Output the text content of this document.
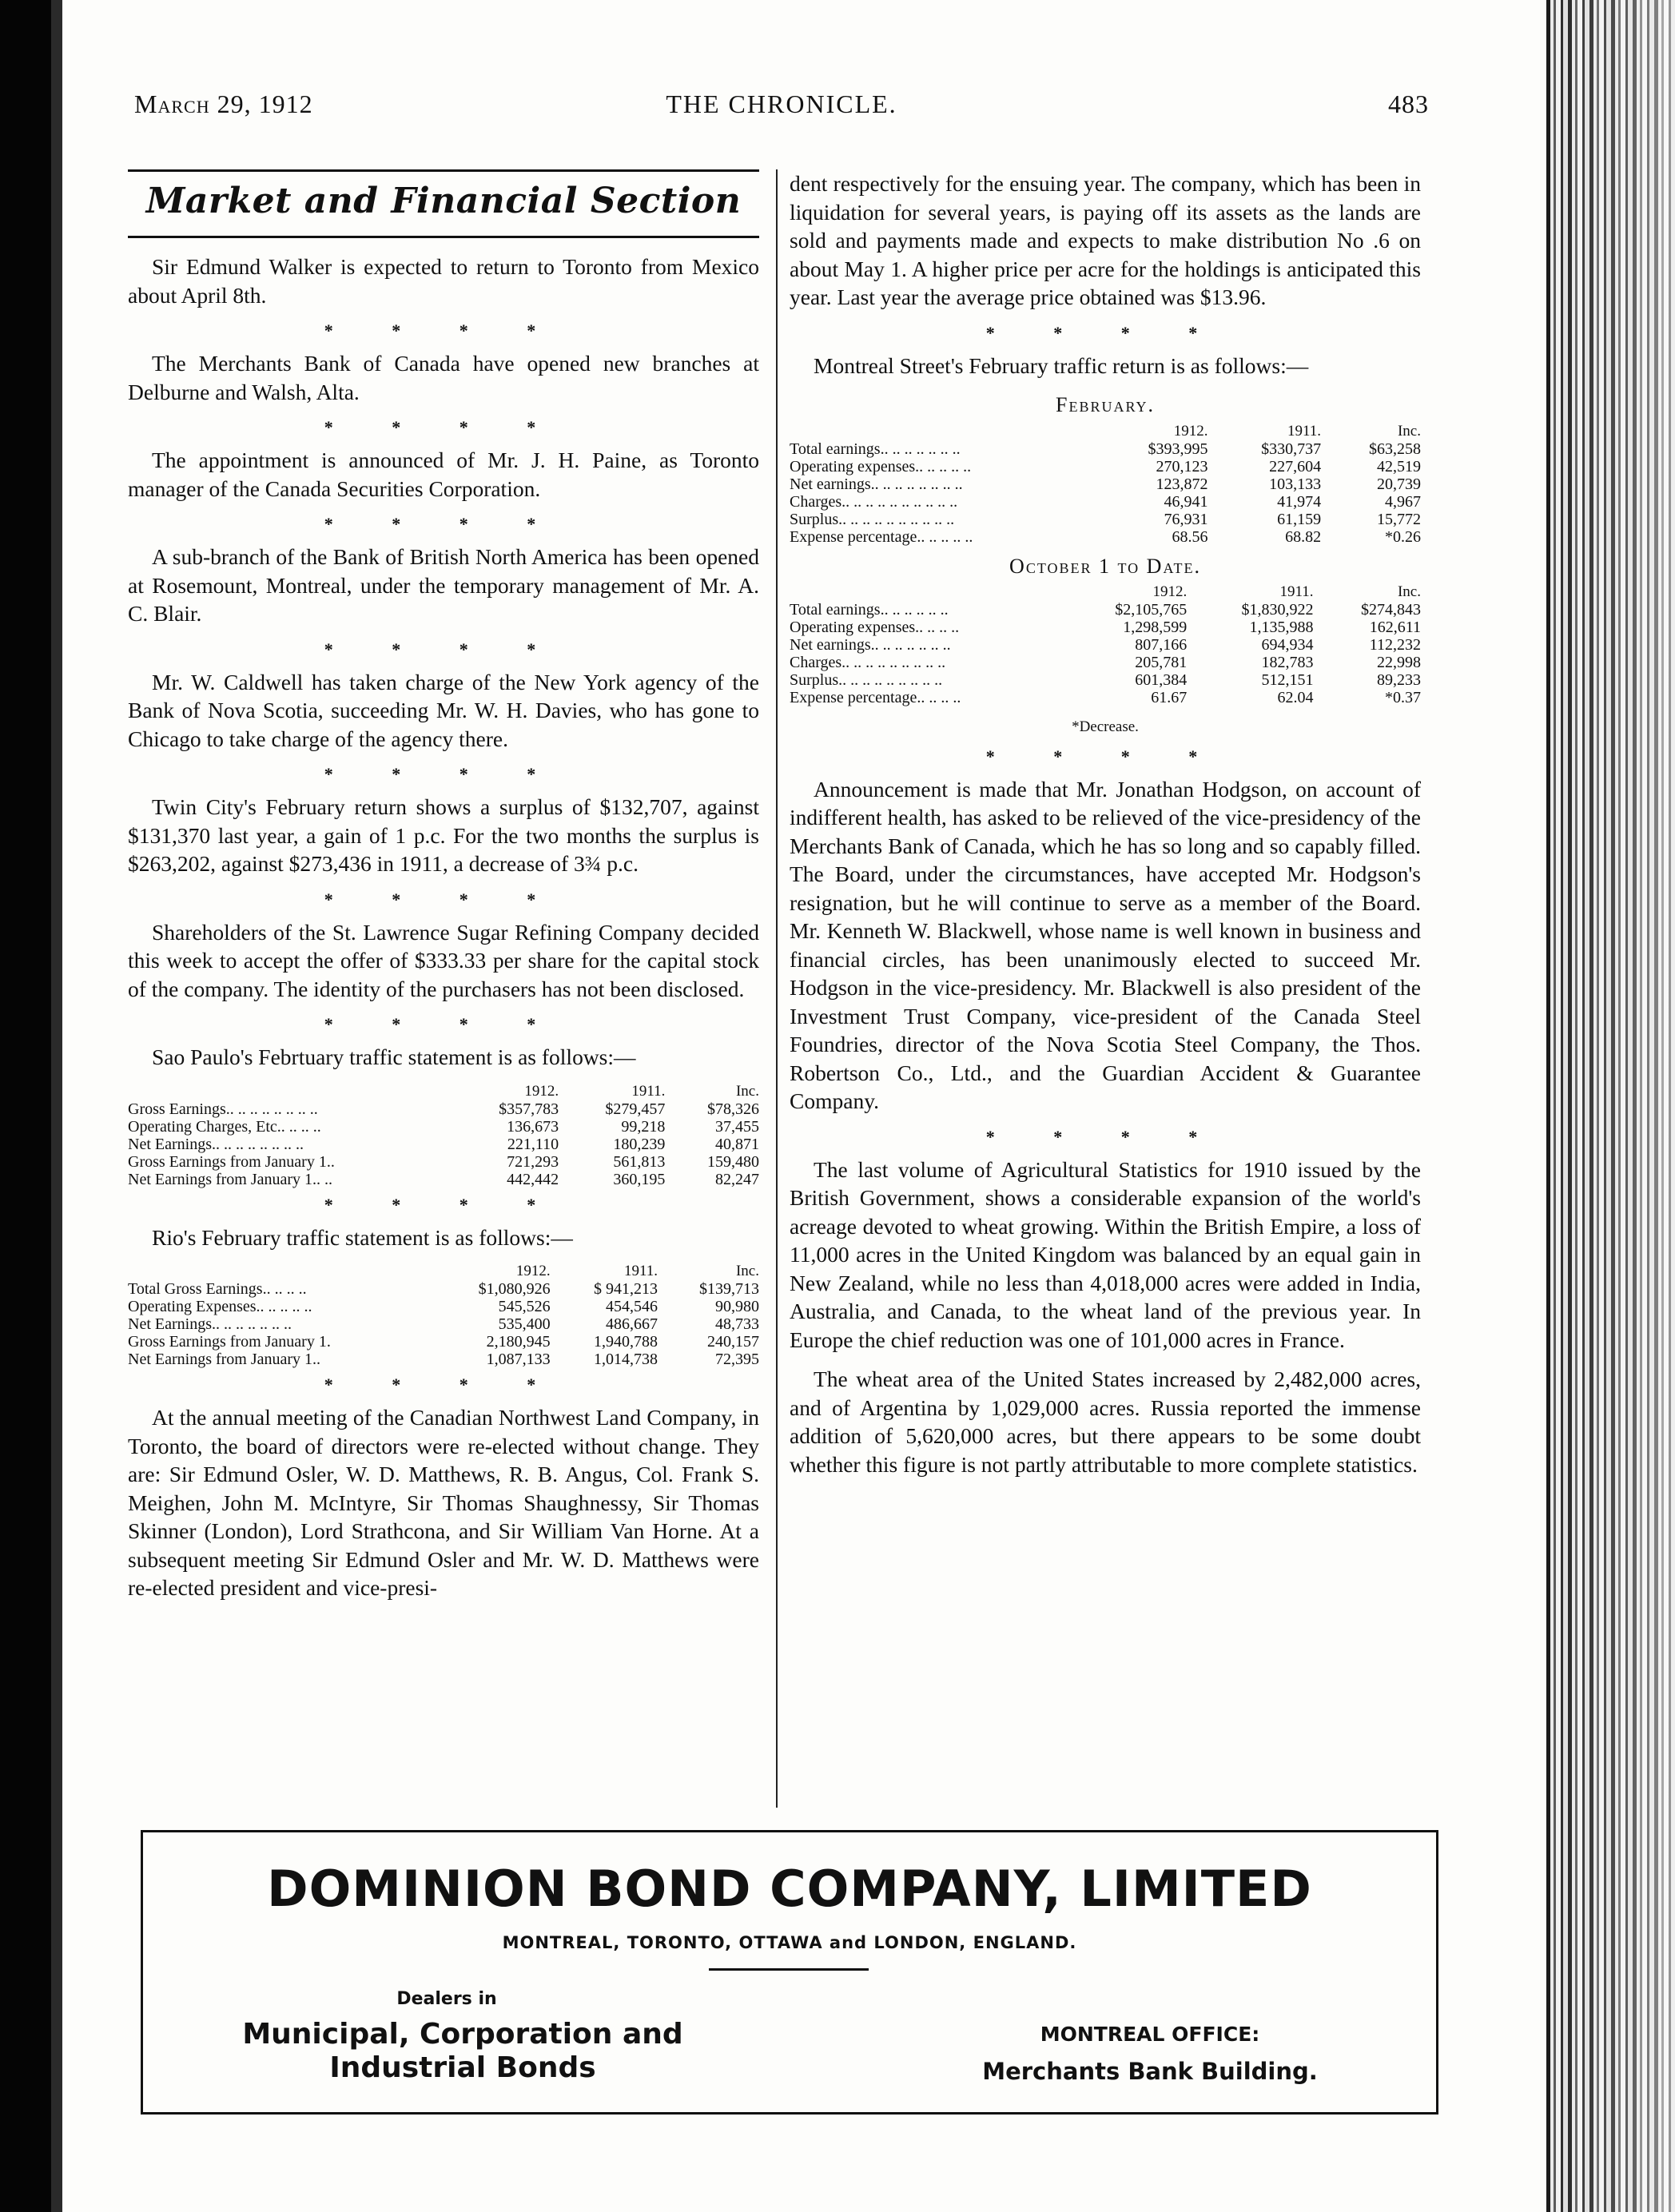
March 29, 1912	THE CHRONICLE.	483
Market and Financial Section

Sir Edmund Walker is expected to return to Toronto from Mexico about April 8th.

* * * *

The Merchants Bank of Canada have opened new branches at Delburne and Walsh, Alta.

* * * *

The appointment is announced of Mr. J. H. Paine, as Toronto manager of the Canada Securities Corporation.

* * * *

A sub-branch of the Bank of British North America has been opened at Rosemount, Montreal, under the temporary management of Mr. A. C. Blair.

* * * *

Mr. W. Caldwell has taken charge of the New York agency of the Bank of Nova Scotia, succeeding Mr. W. H. Davies, who has gone to Chicago to take charge of the agency there.

* * * *

Twin City's February return shows a surplus of $132,707, against $131,370 last year, a gain of 1 p.c. For the two months the surplus is $263,202, against $273,436 in 1911, a decrease of 3¾ p.c.

* * * *

Shareholders of the St. Lawrence Sugar Refining Company decided this week to accept the offer of $333.33 per share for the capital stock of the company. The identity of the purchasers has not been disclosed.

* * * *

Sao Paulo's Febrtuary traffic statement is as follows:—

	1912.	1911.	Inc.
Gross Earnings.. .. .. .. .. .. .. ..	$357,783	$279,457	$78,326
Operating Charges, Etc.. .. .. ..	136,673	99,218	37,455
Net Earnings.. .. .. .. .. .. .. ..	221,110	180,239	40,871
Gross Earnings from January 1..	721,293	561,813	159,480
Net Earnings from January 1.. ..	442,442	360,195	82,247
* * * *

Rio's February traffic statement is as follows:—

	1912.	1911.	Inc.
Total Gross Earnings.. .. .. ..	$1,080,926	$ 941,213	$139,713
Operating Expenses.. .. .. .. ..	545,526	454,546	90,980
Net Earnings.. .. .. .. .. .. ..	535,400	486,667	48,733
Gross Earnings from January 1.	2,180,945	1,940,788	240,157
Net Earnings from January 1..	1,087,133	1,014,738	72,395
* * * *

At the annual meeting of the Canadian Northwest Land Company, in Toronto, the board of directors were re-elected without change. They are: Sir Edmund Osler, W. D. Matthews, R. B. Angus, Col. Frank S. Meighen, John M. McIntyre, Sir Thomas Shaughnessy, Sir Thomas Skinner (London), Lord Strathcona, and Sir William Van Horne. At a subsequent meeting Sir Edmund Osler and Mr. W. D. Matthews were re-elected president and vice-presi-

dent respectively for the ensuing year. The company, which has been in liquidation for several years, is paying off its assets as the lands are sold and payments made and expects to make distribution No .6 on about May 1. A higher price per acre for the holdings is anticipated this year. Last year the average price obtained was $13.96.

* * * *

Montreal Street's February traffic return is as follows:—

February.
	1912.	1911.	Inc.
Total earnings.. .. .. .. .. .. ..	$393,995	$330,737	$63,258
Operating expenses.. .. .. .. ..	270,123	227,604	42,519
Net earnings.. .. .. .. .. .. .. ..	123,872	103,133	20,739
Charges.. .. .. .. .. .. .. .. .. ..	46,941	41,974	4,967
Surplus.. .. .. .. .. .. .. .. .. ..	76,931	61,159	15,772
Expense percentage.. .. .. .. ..	68.56	68.82	*0.26
October 1 to Date.
	1912.	1911.	Inc.
Total earnings.. .. .. .. .. ..	$2,105,765	$1,830,922	$274,843
Operating expenses.. .. .. ..	1,298,599	1,135,988	162,611
Net earnings.. .. .. .. .. .. ..	807,166	694,934	112,232
Charges.. .. .. .. .. .. .. .. ..	205,781	182,783	22,998
Surplus.. .. .. .. .. .. .. .. ..	601,384	512,151	89,233
Expense percentage.. .. .. ..	61.67	62.04	*0.37
*Decrease.
* * * *

Announcement is made that Mr. Jonathan Hodgson, on account of indifferent health, has asked to be relieved of the vice-presidency of the Merchants Bank of Canada, which he has so long and so capably filled. The Board, under the circumstances, have accepted Mr. Hodgson's resignation, but he will continue to serve as a member of the Board. Mr. Kenneth W. Blackwell, whose name is well known in business and financial circles, has been unanimously elected to succeed Mr. Hodgson in the vice-presidency. Mr. Blackwell is also president of the Investment Trust Company, vice-president of the Canada Steel Foundries, director of the Nova Scotia Steel Company, the Thos. Robertson Co., Ltd., and the Guardian Accident & Guarantee Company.

* * * *

The last volume of Agricultural Statistics for 1910 issued by the British Government, shows a considerable expansion of the world's acreage devoted to wheat growing. Within the British Empire, a loss of 11,000 acres in the United Kingdom was balanced by an equal gain in New Zealand, while no less than 4,018,000 acres were added in India, Australia, and Canada, to the wheat land of the previous year. In Europe the chief reduction was one of 101,000 acres in France.

The wheat area of the United States increased by 2,482,000 acres, and of Argentina by 1,029,000 acres. Russia reported the immense addition of 5,620,000 acres, but there appears to be some doubt whether this figure is not partly attributable to more complete statistics.

DOMINION BOND COMPANY, LIMITED
MONTREAL, TORONTO, OTTAWA and LONDON, ENGLAND.
Dealers in
Municipal, Corporation and
Industrial Bonds
MONTREAL OFFICE:
Merchants Bank Building.
